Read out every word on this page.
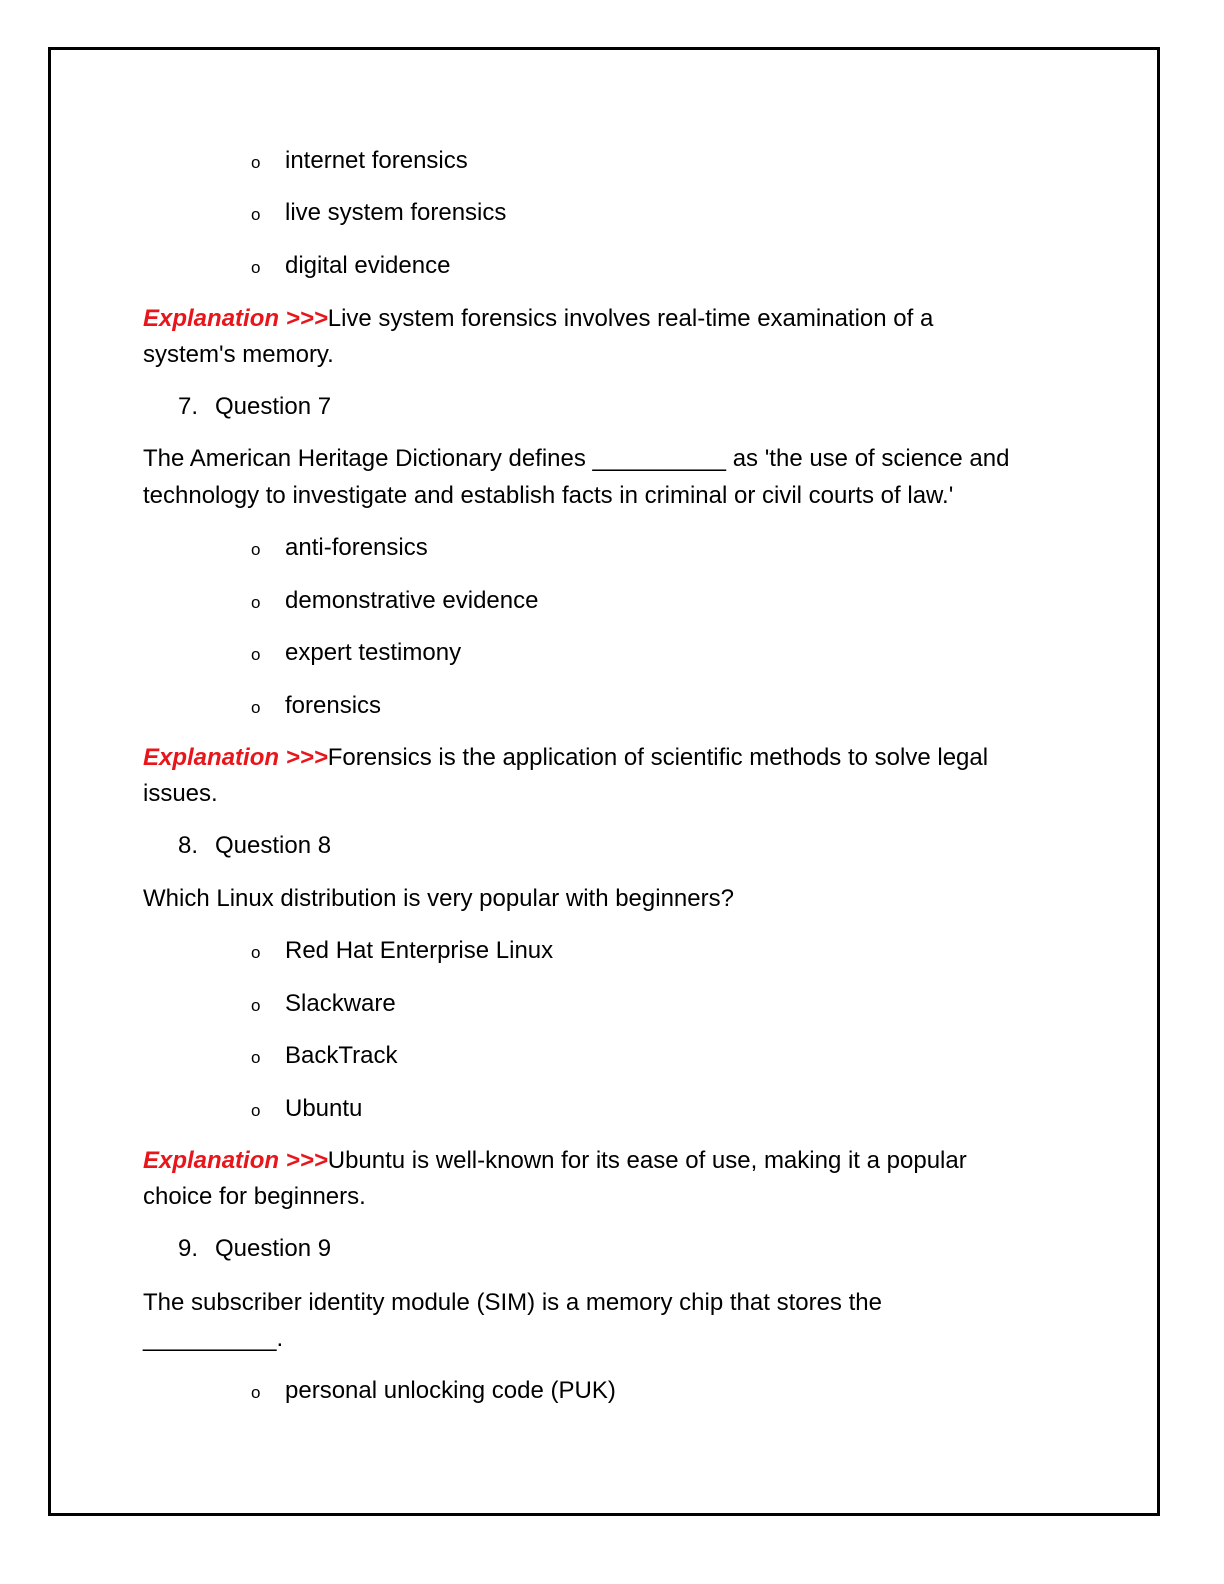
o internet forensics
o live system forensics
o digital evidence
Explanation >>>Live system forensics involves real-time examination of a
system's memory.
7. Question 7
The American Heritage Dictionary defines __________ as 'the use of science and
technology to investigate and establish facts in criminal or civil courts of law.'
o anti-forensics
o demonstrative evidence
o expert testimony
o forensics
Explanation >>>Forensics is the application of scientific methods to solve legal
issues.
8. Question 8
Which Linux distribution is very popular with beginners?
o Red Hat Enterprise Linux
o Slackware
o BackTrack
o Ubuntu
Explanation >>>Ubuntu is well-known for its ease of use, making it a popular
choice for beginners.
9. Question 9
The subscriber identity module (SIM) is a memory chip that stores the
__________.
o personal unlocking code (PUK)
